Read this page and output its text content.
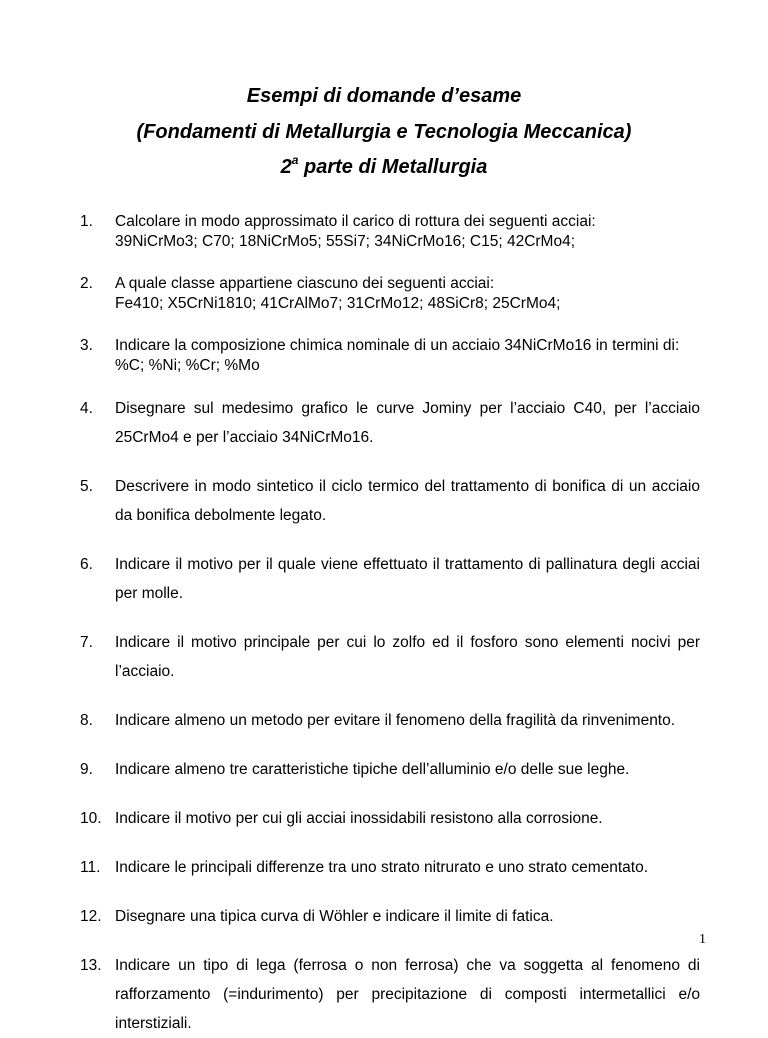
Esempi di domande d’esame
(Fondamenti di Metallurgia e Tecnologia Meccanica)
2$^a$ parte di Metallurgia
1. Calcolare in modo approssimato il carico di rottura dei seguenti acciai:
39NiCrMo3; C70; 18NiCrMo5; 55Si7; 34NiCrMo16; C15; 42CrMo4;
2. A quale classe appartiene ciascuno dei seguenti acciai:
Fe410; X5CrNi1810; 41CrAlMo7; 31CrMo12; 48SiCr8; 25CrMo4;
3. Indicare la composizione chimica nominale di un acciaio 34NiCrMo16 in termini di:
%C; %Ni; %Cr; %Mo
4. Disegnare sul medesimo grafico le curve Jominy per l’acciaio C40, per l’acciaio 25CrMo4 e per l’acciaio 34NiCrMo16.
5. Descrivere in modo sintetico il ciclo termico del trattamento di bonifica di un acciaio da bonifica debolmente legato.
6. Indicare il motivo per il quale viene effettuato il trattamento di pallinatura degli acciai per molle.
7. Indicare il motivo principale per cui lo zolfo ed il fosforo sono elementi nocivi per l’acciaio.
8. Indicare almeno un metodo per evitare il fenomeno della fragilità da rinvenimento.
9. Indicare almeno tre caratteristiche tipiche dell’alluminio e/o delle sue leghe.
10. Indicare il motivo per cui gli acciai inossidabili resistono alla corrosione.
11. Indicare le principali differenze tra uno strato nitrurato e uno strato cementato.
12. Disegnare una tipica curva di Wöhler e indicare il limite di fatica.
13. Indicare un tipo di lega (ferrosa o non ferrosa) che va soggetta al fenomeno di rafforzamento (=indurimento) per precipitazione di composti intermetallici e/o interstiziali.
1
